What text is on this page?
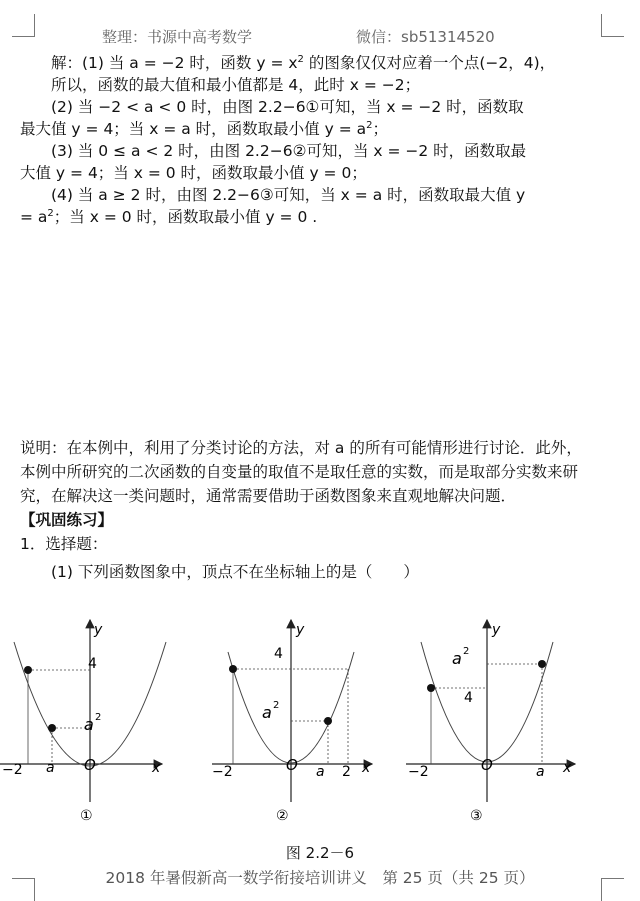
整理：书源中高考数学	微信：sb51314520

解：(1) 当 a = −2 时，函数 $y = x^2$ 的图象仅仅对应着一个点(−2，4)，

所以，函数的最大值和最小值都是 4，此时 x = −2；

(2) 当 −2 < a < 0 时，由图 2.2−6①可知，当 x = −2 时，函数取

最大值 y = 4；当 x = a 时，函数取最小值 $y = a^2$；

(3) 当 0 ≤ a < 2 时，由图 2.2−6②可知，当 x = −2 时，函数取最

大值 y = 4；当 x = 0 时，函数取最小值 y = 0；

(4) 当 a ≥ 2 时，由图 2.2−6③可知，当 x = a 时，函数取最大值 y

= $a^2$；当 x = 0 时，函数取最小值 y = 0 .

说明：在本例中，利用了分类讨论的方法，对 a 的所有可能情形进行讨论．此外，本例中所研究的二次函数的自变量的取值不是取任意的实数，而是取部分实数来研究，在解决这一类问题时，通常需要借助于函数图象来直观地解决问题．

【巩固练习】

1．选择题：

(1) 下列函数图象中，顶点不在坐标轴上的是（　　）

y
x
4
a 2
O
−2 a
①
y
x
4
a 2
O
−2	a 2
②
y
x
a 2
4
O
−2	a
③
图 2.2－6
2018 年暑假新高一数学衔接培训讲义　第 25 页（共 25 页）
